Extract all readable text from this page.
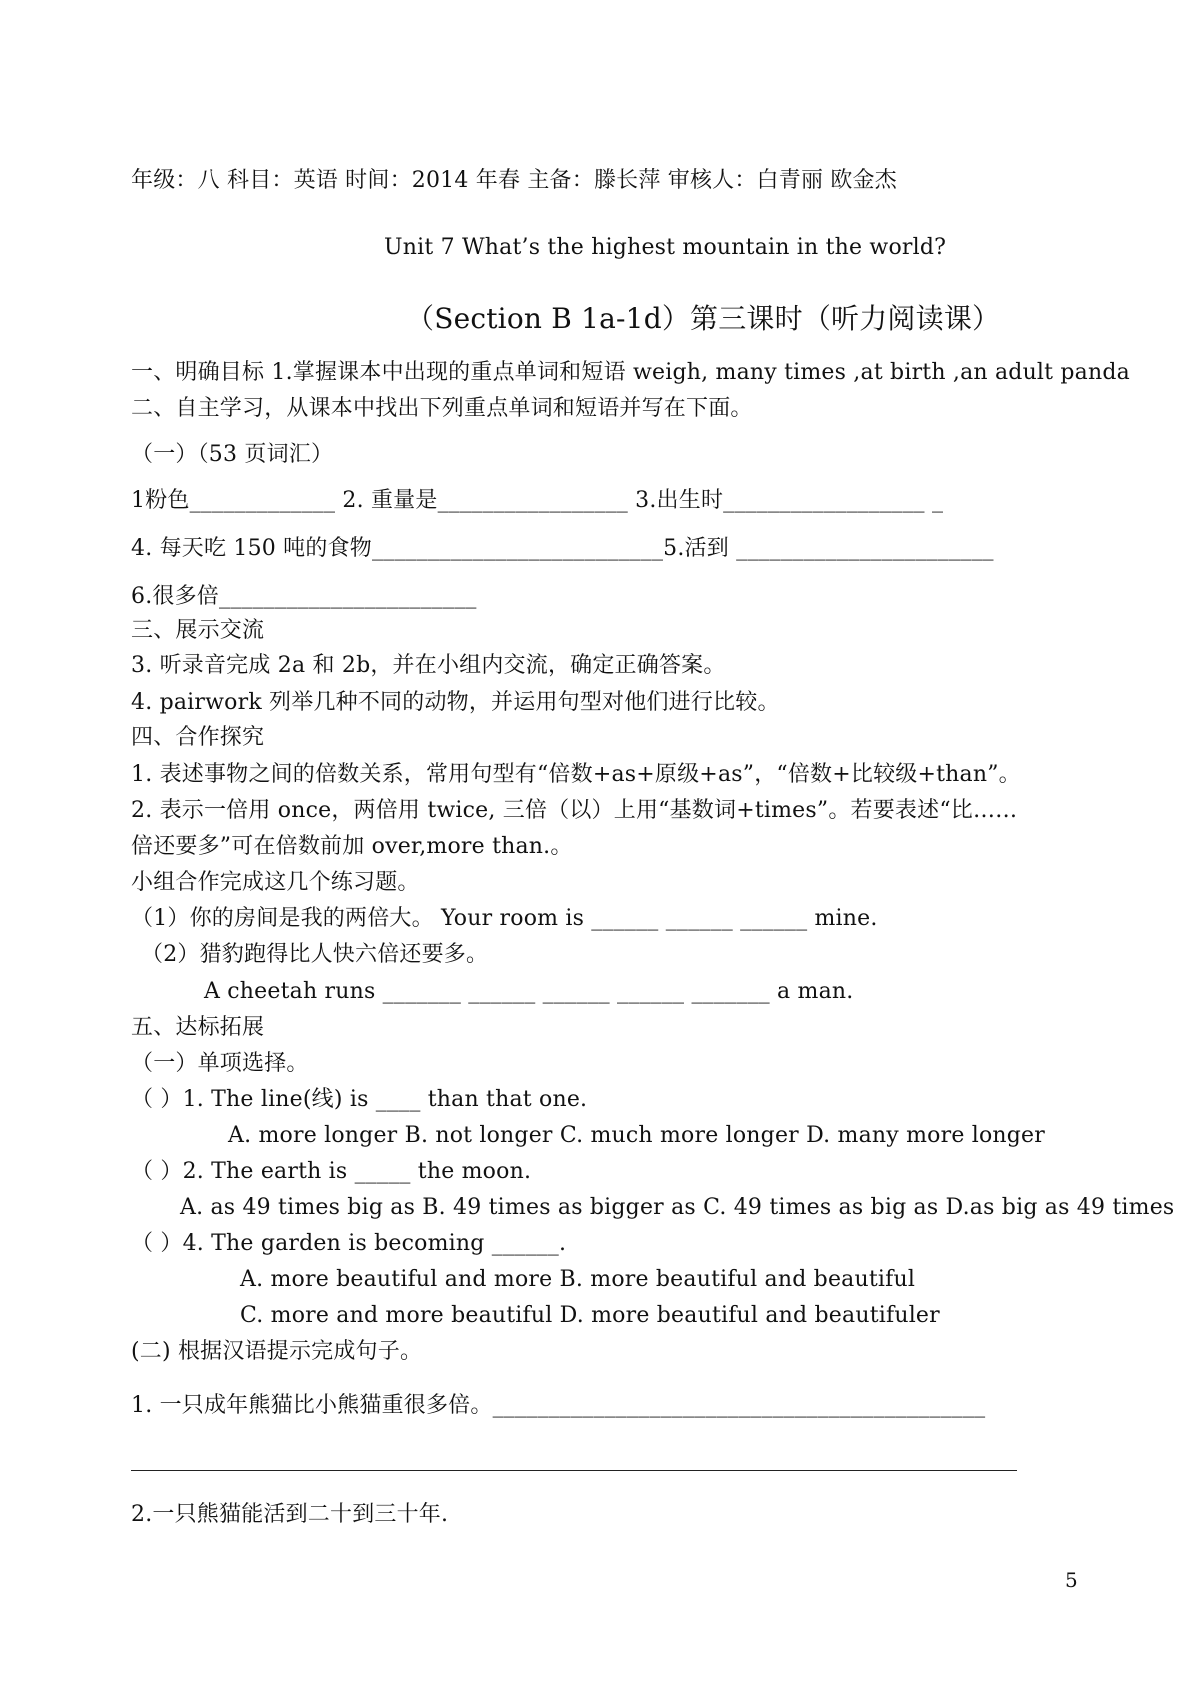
年级：八 科目：英语 时间：2014 年春 主备：滕长萍 审核人：白青丽 欧金杰
Unit 7 What’s the highest mountain in the world?
（Section B 1a-1d）第三课时（听力阅读课）
一、明确目标 1.掌握课本中出现的重点单词和短语 weigh, many times ,at birth ,an adult panda
二、自主学习，从课本中找出下列重点单词和短语并写在下面。
（一）（53 页词汇）
1粉色_____________ 2. 重量是_________________ 3.出生时__________________ _
4. 每天吃 150 吨的食物__________________________5.活到 _______________________
6.很多倍_______________________
三、展示交流
3. 听录音完成 2a 和 2b，并在小组内交流，确定正确答案。
4. pairwork 列举几种不同的动物，并运用句型对他们进行比较。
四、合作探究
1. 表述事物之间的倍数关系，常用句型有“倍数+as+原级+as”，“倍数+比较级+than”。
2. 表示一倍用 once，两倍用 twice, 三倍（以）上用“基数词+times”。若要表述“比……
倍还要多”可在倍数前加 over,more than.。
小组合作完成这几个练习题。
（1）你的房间是我的两倍大。 Your room is ______ ______ ______ mine.
（2）猎豹跑得比人快六倍还要多。
A cheetah runs _______ ______ ______ ______ _______ a man.
五、达标拓展
（一）单项选择。
（ ）1. The line(线) is ____ than that one.
A. more longer B. not longer C. much more longer D. many more longer
（ ）2. The earth is _____ the moon.
A. as 49 times big as B. 49 times as bigger as C. 49 times as big as D.as big as 49 times
（ ）4. The garden is becoming ______.
A. more beautiful and more B. more beautiful and beautiful
C. more and more beautiful D. more beautiful and beautifuler
(二) 根据汉语提示完成句子。
1. 一只成年熊猫比小熊猫重很多倍。____________________________________________
2.一只熊猫能活到二十到三十年.
5
